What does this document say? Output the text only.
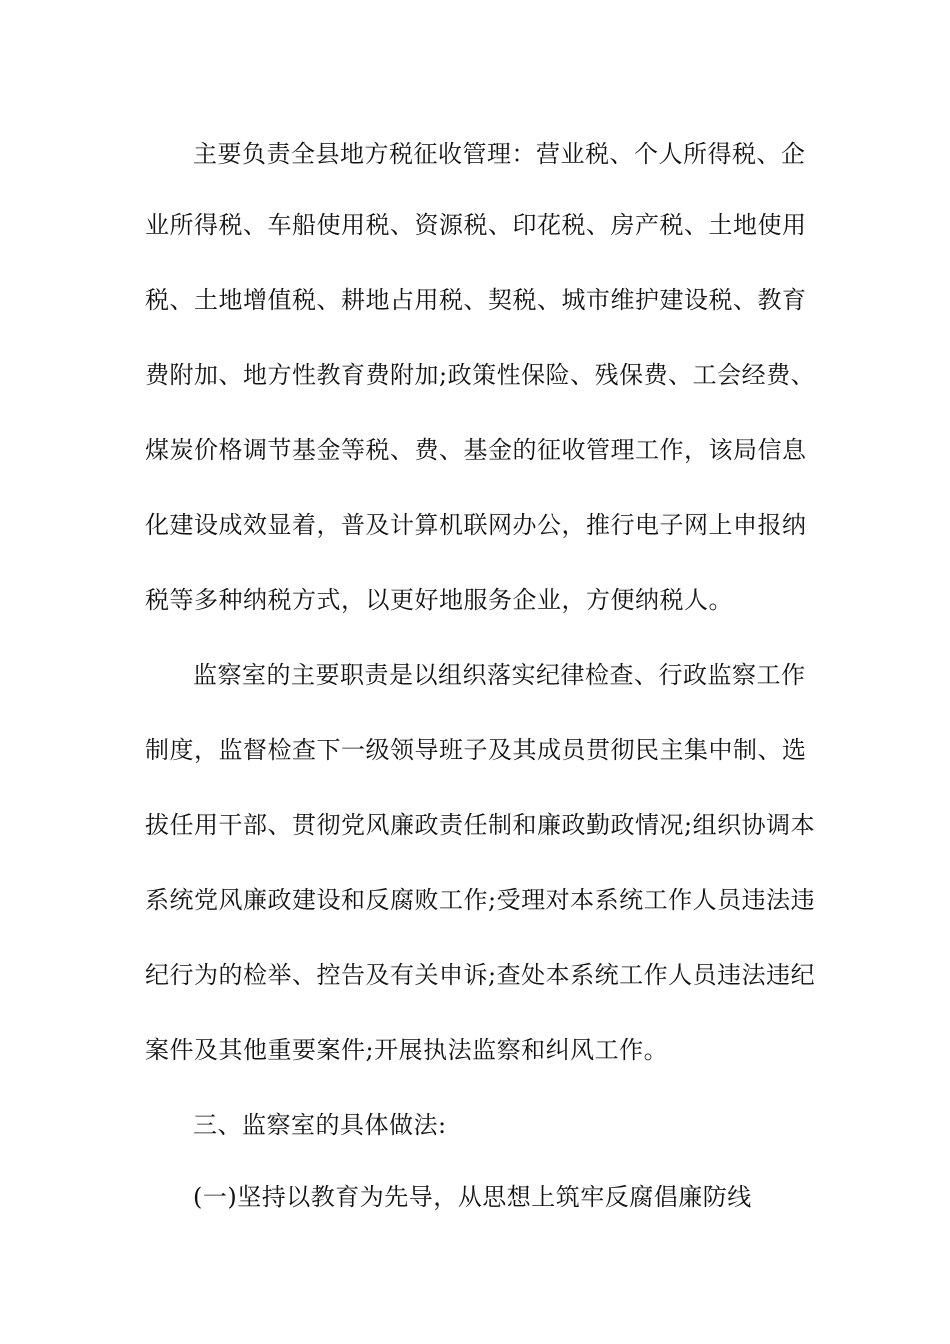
主要负责全县地方税征收管理：营业税、个人所得税、企
业所得税、车船使用税、资源税、印花税、房产税、土地使用
税、土地增值税、耕地占用税、契税、城市维护建设税、教育
费附加、地方性教育费附加;政策性保险、残保费、工会经费、
煤炭价格调节基金等税、费、基金的征收管理工作，该局信息
化建设成效显着，普及计算机联网办公，推行电子网上申报纳
税等多种纳税方式，以更好地服务企业，方便纳税人。
监察室的主要职责是以组织落实纪律检查、行政监察工作
制度，监督检查下一级领导班子及其成员贯彻民主集中制、选
拔任用干部、贯彻党风廉政责任制和廉政勤政情况;组织协调本
系统党风廉政建设和反腐败工作;受理对本系统工作人员违法违
纪行为的检举、控告及有关申诉;查处本系统工作人员违法违纪
案件及其他重要案件;开展执法监察和纠风工作。
三、监察室的具体做法:
(一)坚持以教育为先导，从思想上筑牢反腐倡廉防线
